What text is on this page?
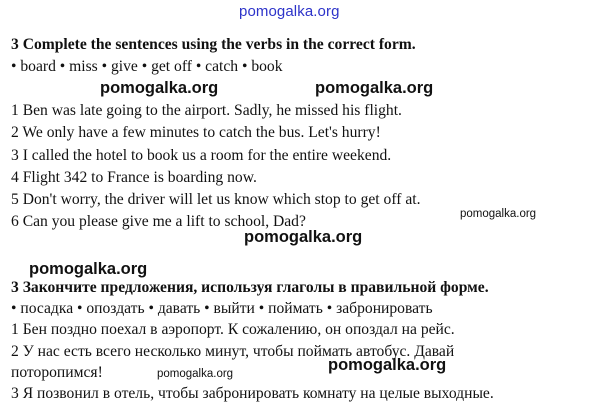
pomogalka.org
3 Complete the sentences using the verbs in the correct form.
• board • miss • give • get off • catch • book
pomogalka.org	pomogalka.org
1 Ben was late going to the airport. Sadly, he missed his flight.
2 We only have a few minutes to catch the bus. Let's hurry!
3 I called the hotel to book us a room for the entire weekend.
4 Flight 342 to France is boarding now.
5 Don't worry, the driver will let us know which stop to get off at.
pomogalka.org
6 Can you please give me a lift to school, Dad?
pomogalka.org
pomogalka.org
3 Закончите предложения, используя глаголы в правильной форме.
• посадка • опоздать • давать • выйти • поймать • забронировать
1 Бен поздно поехал в аэропорт. К сожалению, он опоздал на рейс.
2 У нас есть всего несколько минут, чтобы поймать автобус. Давай
pomogalka.org
pomogalka.org
поторопимся!
3 Я позвонил в отель, чтобы забронировать комнату на целые выходные.
